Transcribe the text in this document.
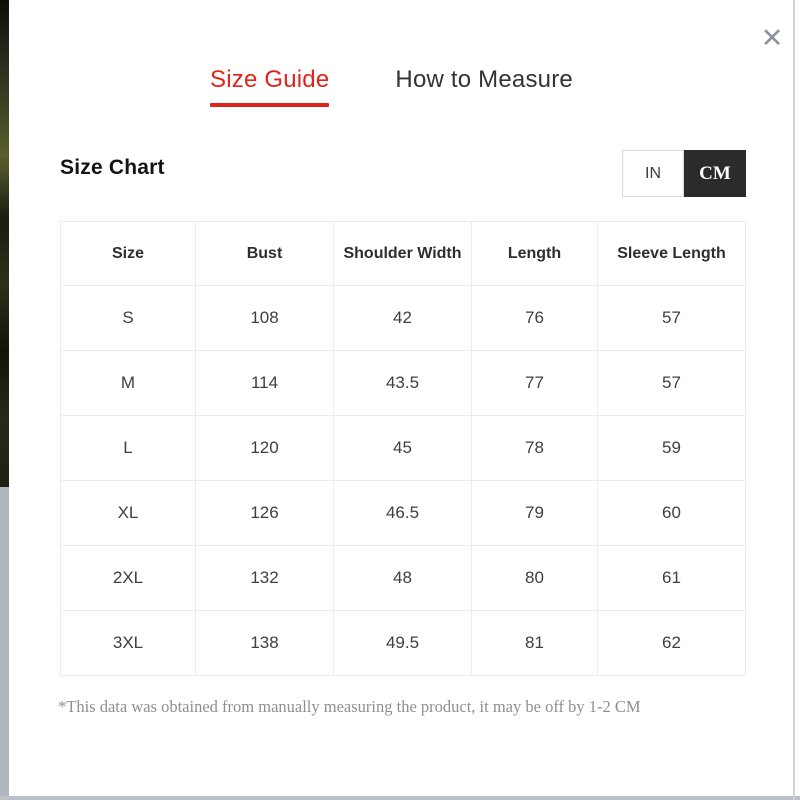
✕
Size Guide	How to Measure
Size Chart	IN	CM
Size	Bust	Shoulder Width	Length	Sleeve Length
S	108	42	76	57
M	114	43.5	77	57
L	120	45	78	59
XL	126	46.5	79	60
2XL	132	48	80	61
3XL	138	49.5	81	62
*This data was obtained from manually measuring the product, it may be off by 1-2 CM
